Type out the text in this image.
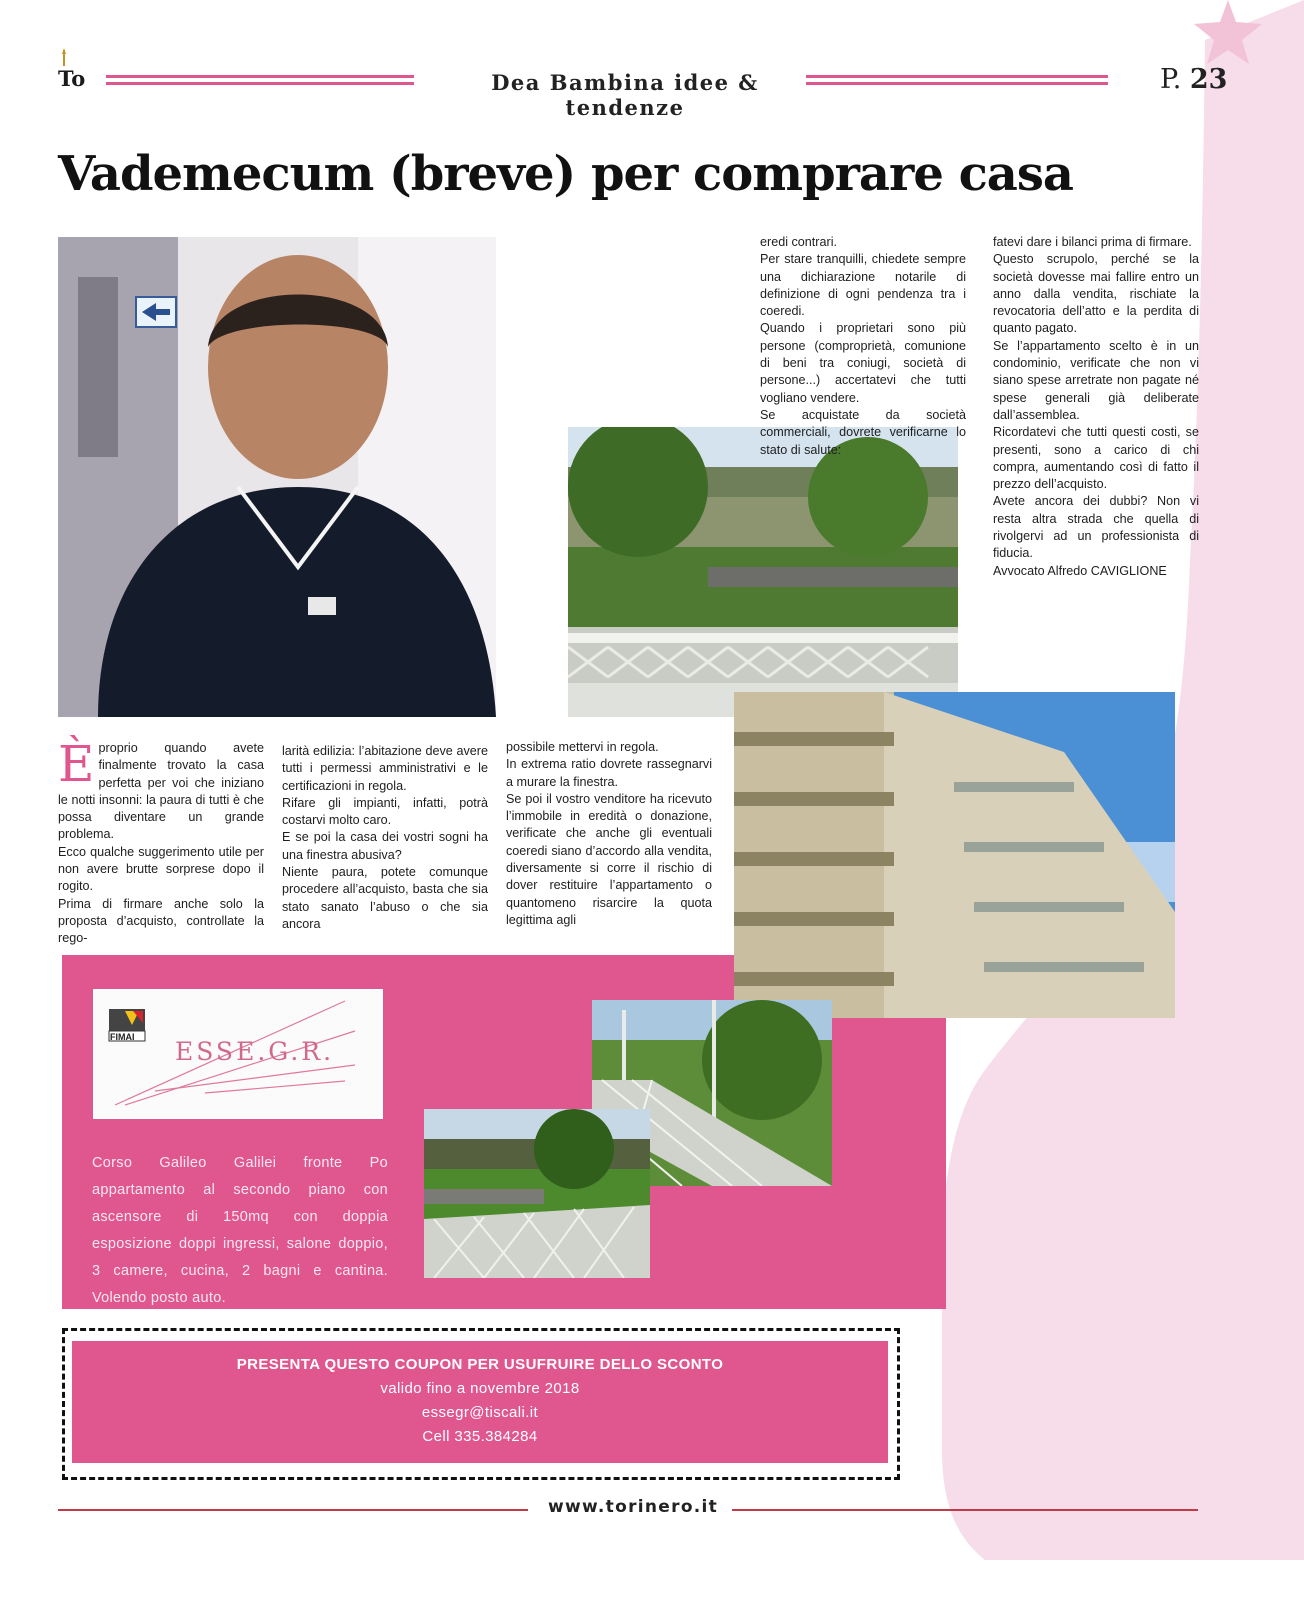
To	Dea Bambina idee & tendenze
P. 23
Vademecum (breve) per comprare casa
È proprio quando avete finalmente trovato la casa perfetta per voi che iniziano le notti insonni: la paura di tutti è che possa diventare un grande problema.

Ecco qualche suggerimento utile per non avere brutte sorprese dopo il rogito.

Prima di firmare anche solo la proposta d’acquisto, controllate la rego-

larità edilizia: l’abitazione deve avere tutti i permessi amministrativi e le certificazioni in regola.

Rifare gli impianti, infatti, potrà costarvi molto caro.

E se poi la casa dei vostri sogni ha una finestra abusiva?

Niente paura, potete comunque procedere all’acquisto, basta che sia stato sanato l’abuso o che sia ancora

possibile mettervi in regola.

In extrema ratio dovrete rassegnarvi a murare la finestra.

Se poi il vostro venditore ha ricevuto l’immobile in eredità o donazione, verificate che anche gli eventuali coeredi siano d’accordo alla vendita, diversamente si corre il rischio di dover restituire l’appartamento o quantomeno risarcire la quota legittima agli

eredi contrari.

Per stare tranquilli, chiedete sempre una dichiarazione notarile di definizione di ogni pendenza tra i coeredi.

Quando i proprietari sono più persone (comproprietà, comunione di beni tra coniugi, società di persone...) accertatevi che tutti vogliano vendere.

Se acquistate da società commerciali, dovrete verificarne lo stato di salute:

fatevi dare i bilanci prima di firmare.

Questo scrupolo, perché se la società dovesse mai fallire entro un anno dalla vendita, rischiate la revocatoria dell’atto e la perdita di quanto pagato.

Se l’appartamento scelto è in un condominio, verificate che non vi siano spese arretrate non pagate né spese generali già deliberate dall’assemblea.

Ricordatevi che tutti questi costi, se presenti, sono a carico di chi compra, aumentando così di fatto il prezzo dell’acquisto.

Avete ancora dei dubbi? Non vi resta altra strada che quella di rivolgervi ad un professionista di fiducia.

Avvocato Alfredo CAVIGLIONE

FIMAI ESSE.G.R.
Corso Galileo Galilei fronte Po appartamento al secondo piano con ascensore di 150mq con doppia esposizione doppi ingressi, salone doppio, 3 camere, cucina, 2 bagni e cantina. Volendo posto auto.
PRESENTA QUESTO COUPON PER USUFRUIRE DELLO SCONTO
valido fino a novembre 2018
essegr@tiscali.it
Cell 335.384284
www.torinero.it
